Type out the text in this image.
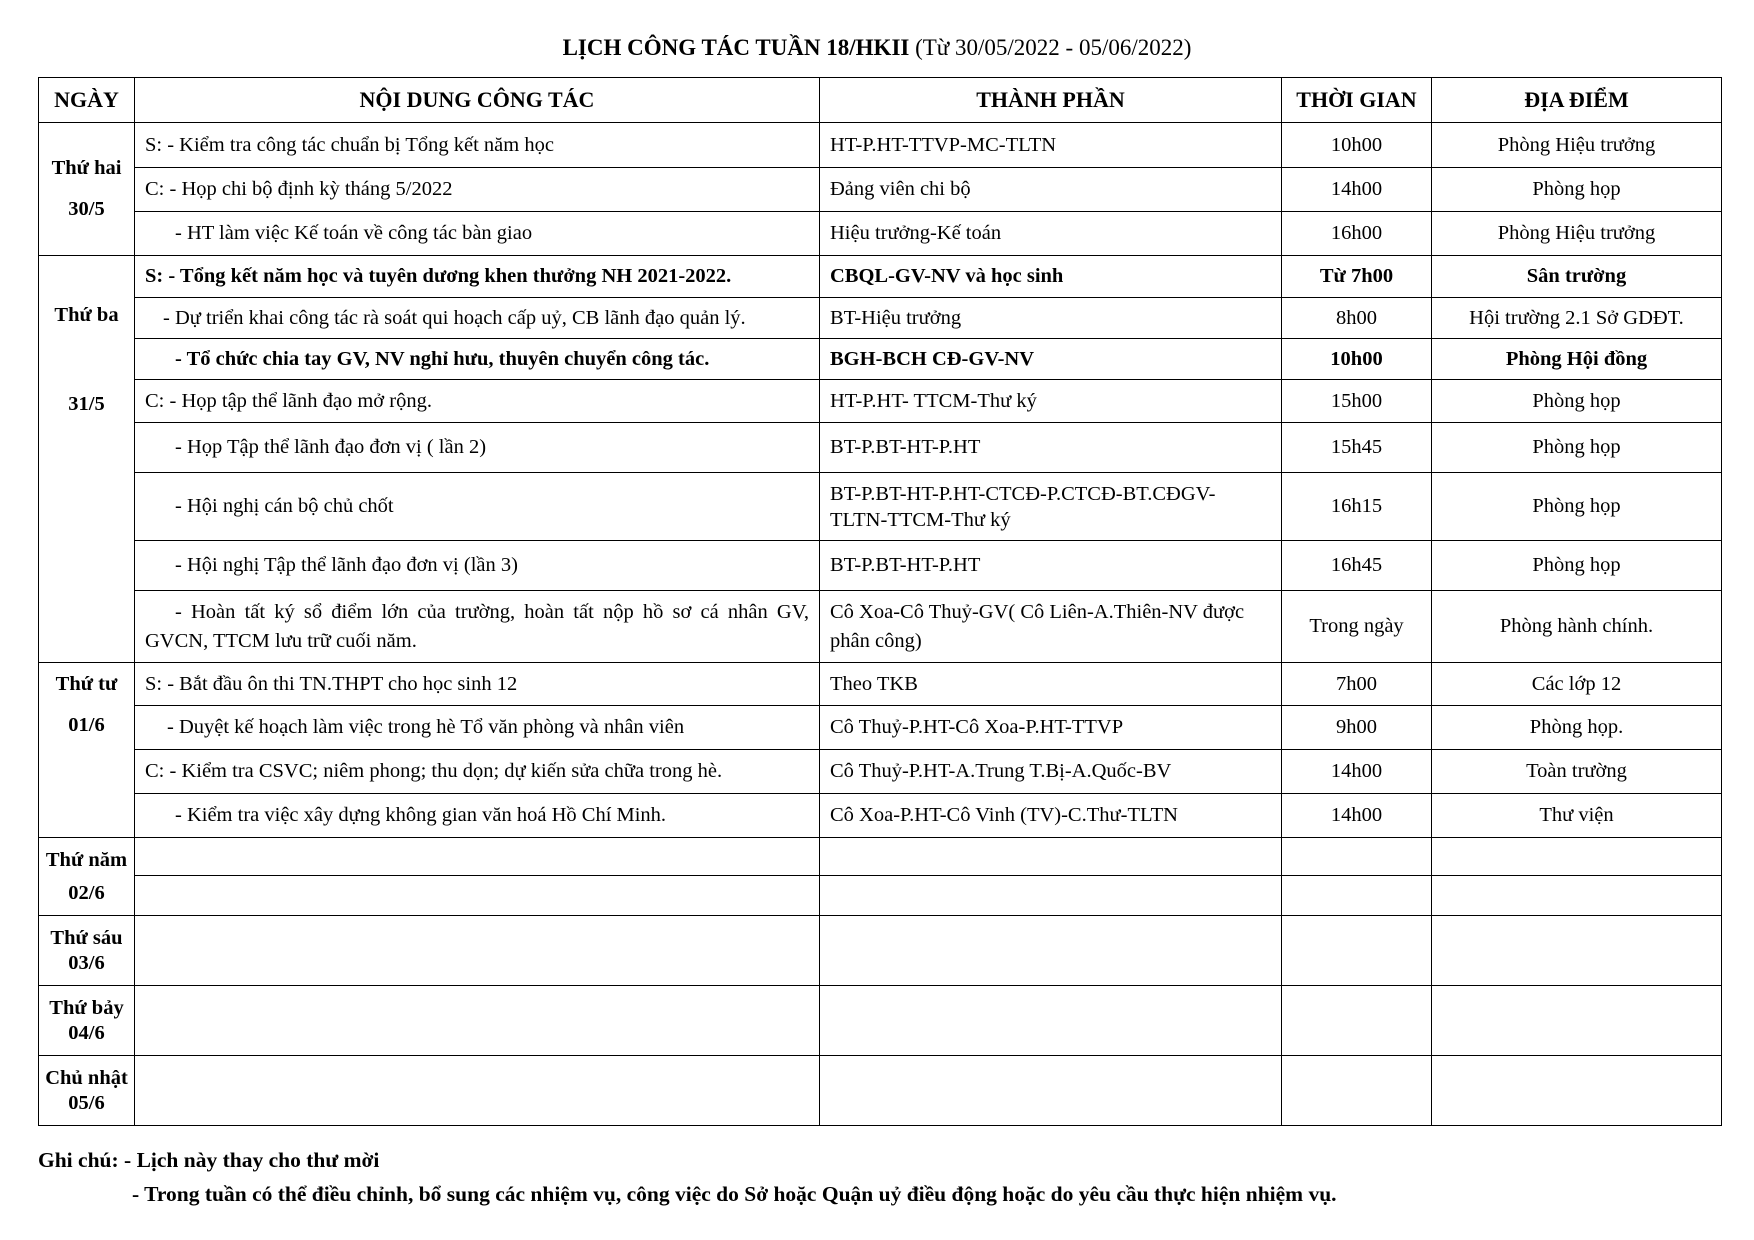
LỊCH CÔNG TÁC TUẦN 18/HKII (Từ 30/05/2022 - 05/06/2022)
NGÀY	NỘI DUNG CÔNG TÁC	THÀNH PHẦN	THỜI GIAN	ĐỊA ĐIỂM

Thứ hai
30/5	S: - Kiểm tra công tác chuẩn bị Tổng kết năm học	HT-P.HT-TTVP-MC-TLTN	10h00	Phòng Hiệu trưởng
	C: - Họp chi bộ định kỳ tháng 5/2022	Đảng viên chi bộ	14h00	Phòng họp
	- HT làm việc Kế toán về công tác bàn giao	Hiệu trưởng-Kế toán	16h00	Phòng Hiệu trưởng

Thứ ba
31/5	S: - Tổng kết năm học và tuyên dương khen thưởng NH 2021-2022.	CBQL-GV-NV và học sinh	Từ 7h00	Sân trường
	- Dự triển khai công tác rà soát qui hoạch cấp uỷ, CB lãnh đạo quản lý.	BT-Hiệu trưởng	8h00	Hội trường 2.1 Sở GDĐT.
	- Tổ chức chia tay GV, NV nghỉ hưu, thuyên chuyển công tác.	BGH-BCH CĐ-GV-NV	10h00	Phòng Hội đồng
	C: - Họp tập thể lãnh đạo mở rộng.	HT-P.HT- TTCM-Thư ký	15h00	Phòng họp
	- Họp Tập thể lãnh đạo đơn vị ( lần 2)	BT-P.BT-HT-P.HT	15h45	Phòng họp
	- Hội nghị cán bộ chủ chốt	BT-P.BT-HT-P.HT-CTCĐ-P.CTCĐ-BT.CĐGV-TLTN-TTCM-Thư ký	16h15	Phòng họp
	- Hội nghị Tập thể lãnh đạo đơn vị (lần 3)	BT-P.BT-HT-P.HT	16h45	Phòng họp
	- Hoàn tất ký sổ điểm lớn của trường, hoàn tất nộp hồ sơ cá nhân GV, GVCN, TTCM lưu trữ cuối năm.	Cô Xoa-Cô Thuỷ-GV( Cô Liên-A.Thiên-NV được phân công)	Trong ngày	Phòng hành chính.

Thứ tư
01/6	S: - Bắt đầu ôn thi TN.THPT cho học sinh 12	Theo TKB	7h00	Các lớp 12
	- Duyệt kế hoạch làm việc trong hè Tổ văn phòng và nhân viên	Cô Thuỷ-P.HT-Cô Xoa-P.HT-TTVP	9h00	Phòng họp.
	C: - Kiểm tra CSVC; niêm phong; thu dọn; dự kiến sửa chữa trong hè.	Cô Thuỷ-P.HT-A.Trung T.Bị-A.Quốc-BV	14h00	Toàn trường
	- Kiểm tra việc xây dựng không gian văn hoá Hồ Chí Minh.	Cô Xoa-P.HT-Cô Vinh (TV)-C.Thư-TLTN	14h00	Thư viện

Thứ năm
02/6				

Thứ sáu
03/6				

Thứ bảy
04/6				

Chủ nhật
05/6				

Ghi chú: - Lịch này thay cho thư mời
- Trong tuần có thể điều chỉnh, bổ sung các nhiệm vụ, công việc do Sở hoặc Quận uỷ điều động hoặc do yêu cầu thực hiện nhiệm vụ.
